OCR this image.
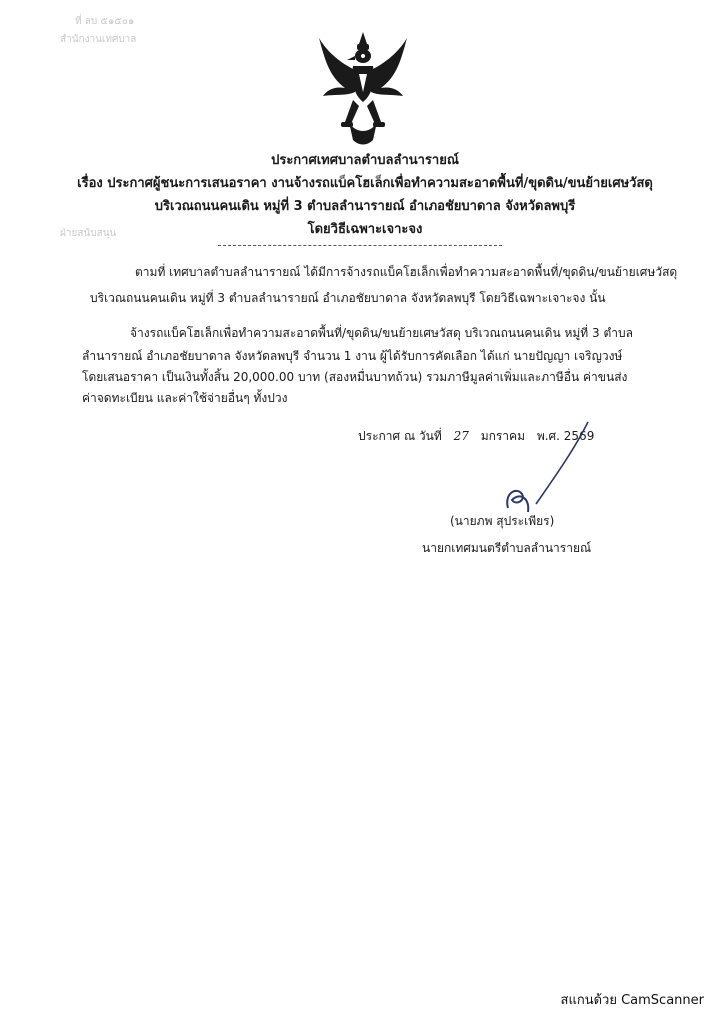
ที่ ลบ ๕๑๕๐๑
สำนักงานเทศบาล
ฝ่ายสนับสนุน
ประกาศเทศบาลตำบลลำนารายณ์
เรื่อง ประกาศผู้ชนะการเสนอราคา งานจ้างรถแบ็คโฮเล็กเพื่อทำความสะอาดพื้นที่/ขุดดิน/ขนย้ายเศษวัสดุ
บริเวณถนนคนเดิน หมู่ที่ 3 ตำบลลำนารายณ์ อำเภอชัยบาดาล จังหวัดลพบุรี
โดยวิธีเฉพาะเจาะจง
ตามที่ เทศบาลตำบลลำนารายณ์ ได้มีการจ้างรถแบ็คโฮเล็กเพื่อทำความสะอาดพื้นที่/ขุดดิน/ขนย้ายเศษวัสดุ
บริเวณถนนคนเดิน หมู่ที่ 3 ตำบลลำนารายณ์ อำเภอชัยบาดาล จังหวัดลพบุรี โดยวิธีเฉพาะเจาะจง นั้น
จ้างรถแบ็คโฮเล็กเพื่อทำความสะอาดพื้นที่/ขุดดิน/ขนย้ายเศษวัสดุ บริเวณถนนคนเดิน หมู่ที่ 3 ตำบล
ลำนารายณ์ อำเภอชัยบาดาล จังหวัดลพบุรี จำนวน 1 งาน ผู้ได้รับการคัดเลือก ได้แก่ นายปัญญา เจริญวงษ์
โดยเสนอราคา เป็นเงินทั้งสิ้น 20,000.00 บาท (สองหมื่นบาทถ้วน) รวมภาษีมูลค่าเพิ่มและภาษีอื่น ค่าขนส่ง
ค่าจดทะเบียน และค่าใช้จ่ายอื่นๆ ทั้งปวง
ประกาศ ณ วันที่ 27 มกราคม พ.ศ. 2569
(นายภพ สุประเพียร)
นายกเทศมนตรีตำบลลำนารายณ์
สแกนด้วย CamScanner
